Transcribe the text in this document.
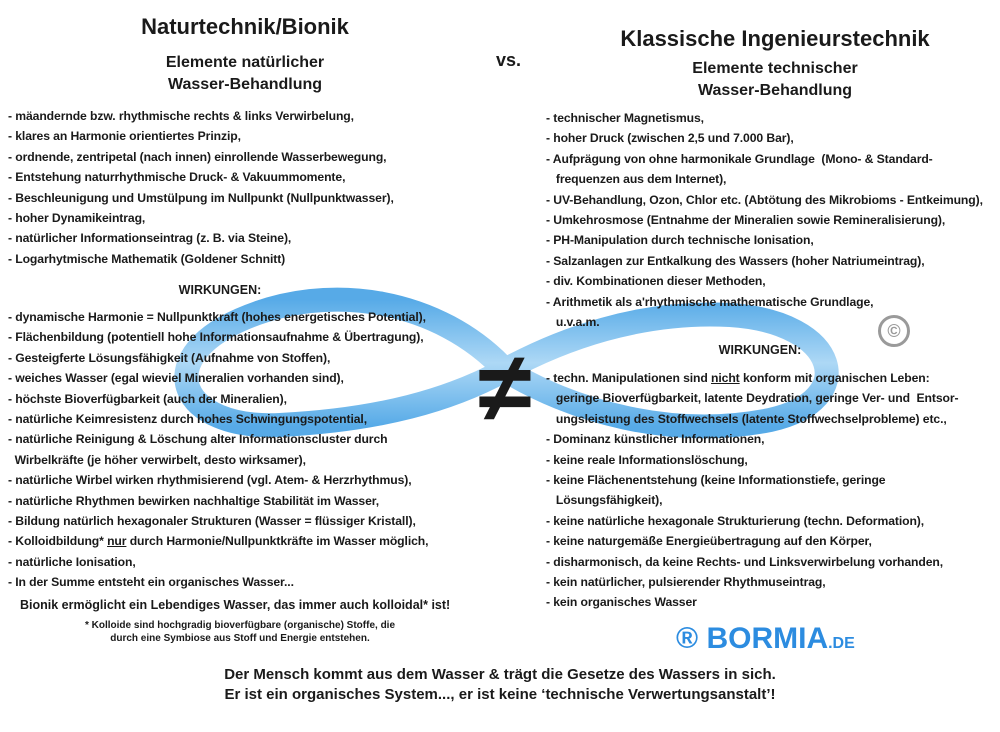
Naturtechnik/Bionik
Elemente natürlicher
Wasser-Behandlung
vs.
Klassische Ingenieurstechnik
Elemente technischer
Wasser-Behandlung
- mäandernde bzw. rhythmische rechts & links Verwirbelung,
- klares an Harmonie orientiertes Prinzip,
- ordnende, zentripetal (nach innen) einrollende Wasserbewegung,
- Entstehung naturrhythmische Druck- & Vakuummomente,
- Beschleunigung und Umstülpung im Nullpunkt (Nullpunktwasser),
- hoher Dynamikeintrag,
- natürlicher Informationseintrag (z. B. via Steine),
- Logarhytmische Mathematik (Goldener Schnitt)
WIRKUNGEN:
- dynamische Harmonie = Nullpunktkraft (hohes energetisches Potential),
- Flächenbildung (potentiell hohe Informationsaufnahme & Übertragung),
- Gesteigferte Lösungsfähigkeit (Aufnahme von Stoffen),
- weiches Wasser (egal wieviel Mineralien vorhanden sind),
- höchste Bioverfügbarkeit (auch der Mineralien),
- natürliche Keimresistenz durch hohes Schwingungspotential,
- natürliche Reinigung & Löschung alter Informationscluster durch
Wirbelkräfte (je höher verwirbelt, desto wirksamer),
- natürliche Wirbel wirken rhythmisierend (vgl. Atem- & Herzrhythmus),
- natürliche Rhythmen bewirken nachhaltige Stabilität im Wasser,
- Bildung natürlich hexagonaler Strukturen (Wasser = flüssiger Kristall),
- Kolloidbildung* nur durch Harmonie/Nullpunktkräfte im Wasser möglich,
- natürliche Ionisation,
- In der Summe entsteht ein organisches Wasser...
Bionik ermöglicht ein Lebendiges Wasser, das immer auch kolloidal* ist!
* Kolloide sind hochgradig bioverfügbare (organische) Stoffe, die
durch eine Symbiose aus Stoff und Energie entstehen.
- technischer Magnetismus,
- hoher Druck (zwischen 2,5 und 7.000 Bar),
- Aufprägung von ohne harmonikale Grundlage  (Mono- & Standard-
frequenzen aus dem Internet),
- UV-Behandlung, Ozon, Chlor etc. (Abtötung des Mikrobioms - Entkeimung),
- Umkehrosmose (Entnahme der Mineralien sowie Remineralisierung),
- PH-Manipulation durch technische Ionisation,
- Salzanlagen zur Entkalkung des Wassers (hoher Natriumeintrag),
- div. Kombinationen dieser Methoden,
- Arithmetik als a'rhythmische mathematische Grundlage,
u.v.a.m.	©
WIRKUNGEN:
- techn. Manipulationen sind nicht konform mit organischen Leben:
geringe Bioverfügbarkeit, latente Deydration, geringe Ver- und  Entsor-
ungsleistung des Stoffwechsels (latente Stoffwechselprobleme) etc.,
- Dominanz künstlicher Informationen,
- keine reale Informationslöschung,
- keine Flächenentstehung (keine Informationstiefe, geringe
Lösungsfähigkeit),
- keine natürliche hexagonale Strukturierung (techn. Deformation),
- keine naturgemäße Energieübertragung auf den Körper,
- disharmonisch, da keine Rechts- und Linksverwirbelung vorhanden,
- kein natürlicher, pulsierender Rhythmuseintrag,
- kein organisches Wasser
≠
® BORMIA.DE
Der Mensch kommt aus dem Wasser & trägt die Gesetze des Wassers in sich.
Er ist ein organisches System..., er ist keine ‘technische Verwertungsanstalt’!
